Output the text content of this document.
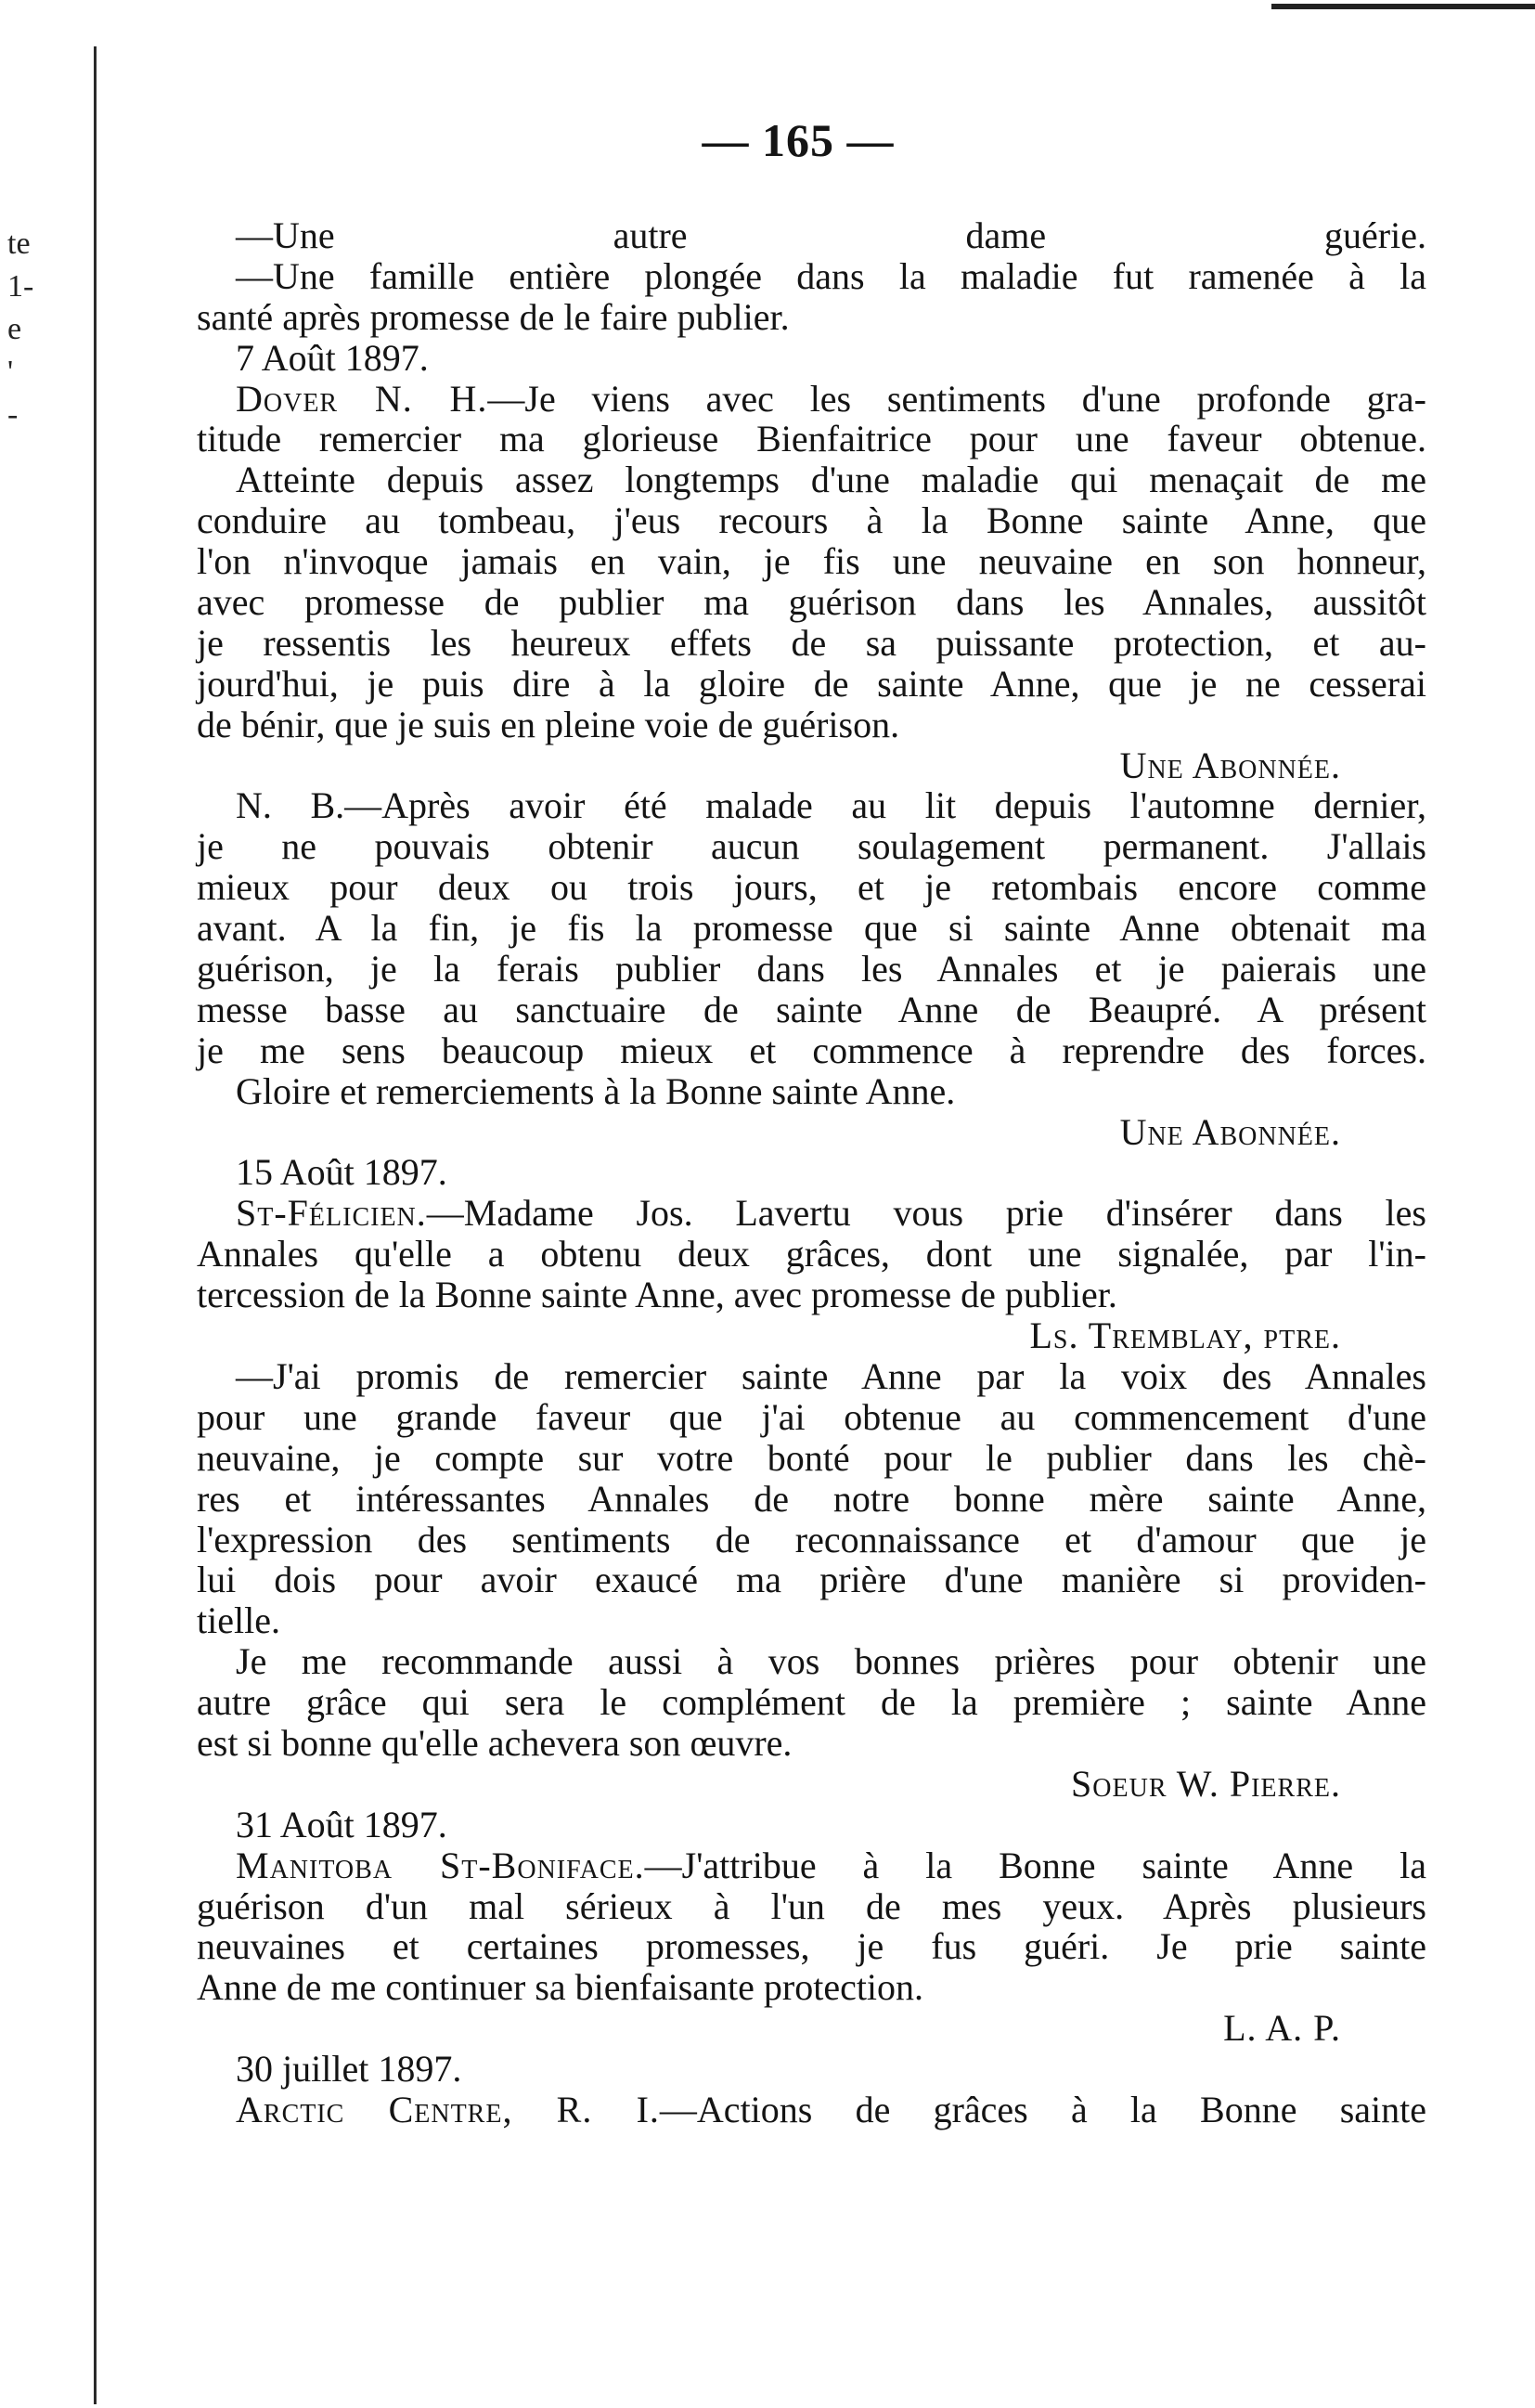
te
1-
e
'
-
— 165 —
—Une autre dame guérie.
—Une famille entière plongée dans la maladie fut ramenée à la
santé après promesse de le faire publier.
7 Août 1897.
Dover N. H.—Je viens avec les sentiments d'une profonde gra-
titude remercier ma glorieuse Bienfaitrice pour une faveur obtenue.
Atteinte depuis assez longtemps d'une maladie qui menaçait de me
conduire au tombeau, j'eus recours à la Bonne sainte Anne, que
l'on n'invoque jamais en vain, je fis une neuvaine en son honneur,
avec promesse de publier ma guérison dans les Annales, aussitôt
je ressentis les heureux effets de sa puissante protection, et au-
jourd'hui, je puis dire à la gloire de sainte Anne, que je ne cesserai
de bénir, que je suis en pleine voie de guérison.
Une Abonnée.
N. B.—Après avoir été malade au lit depuis l'automne dernier,
je ne pouvais obtenir aucun soulagement permanent. J'allais
mieux pour deux ou trois jours, et je retombais encore comme
avant. A la fin, je fis la promesse que si sainte Anne obtenait ma
guérison, je la ferais publier dans les Annales et je paierais une
messe basse au sanctuaire de sainte Anne de Beaupré. A présent
je me sens beaucoup mieux et commence à reprendre des forces.
Gloire et remerciements à la Bonne sainte Anne.
Une Abonnée.
15 Août 1897.
St-Félicien.—Madame Jos. Lavertu vous prie d'insérer dans les
Annales qu'elle a obtenu deux grâces, dont une signalée, par l'in-
tercession de la Bonne sainte Anne, avec promesse de publier.
Ls. Tremblay, ptre.
—J'ai promis de remercier sainte Anne par la voix des Annales
pour une grande faveur que j'ai obtenue au commencement d'une
neuvaine, je compte sur votre bonté pour le publier dans les chè-
res et intéressantes Annales de notre bonne mère sainte Anne,
l'expression des sentiments de reconnaissance et d'amour que je
lui dois pour avoir exaucé ma prière d'une manière si providen-
tielle.
Je me recommande aussi à vos bonnes prières pour obtenir une
autre grâce qui sera le complément de la première ; sainte Anne
est si bonne qu'elle achevera son œuvre.
Soeur W. Pierre.
31 Août 1897.
Manitoba St-Boniface.—J'attribue à la Bonne sainte Anne la
guérison d'un mal sérieux à l'un de mes yeux. Après plusieurs
neuvaines et certaines promesses, je fus guéri. Je prie sainte
Anne de me continuer sa bienfaisante protection.
L. A. P.
30 juillet 1897.
Arctic Centre, R. I.—Actions de grâces à la Bonne sainte
